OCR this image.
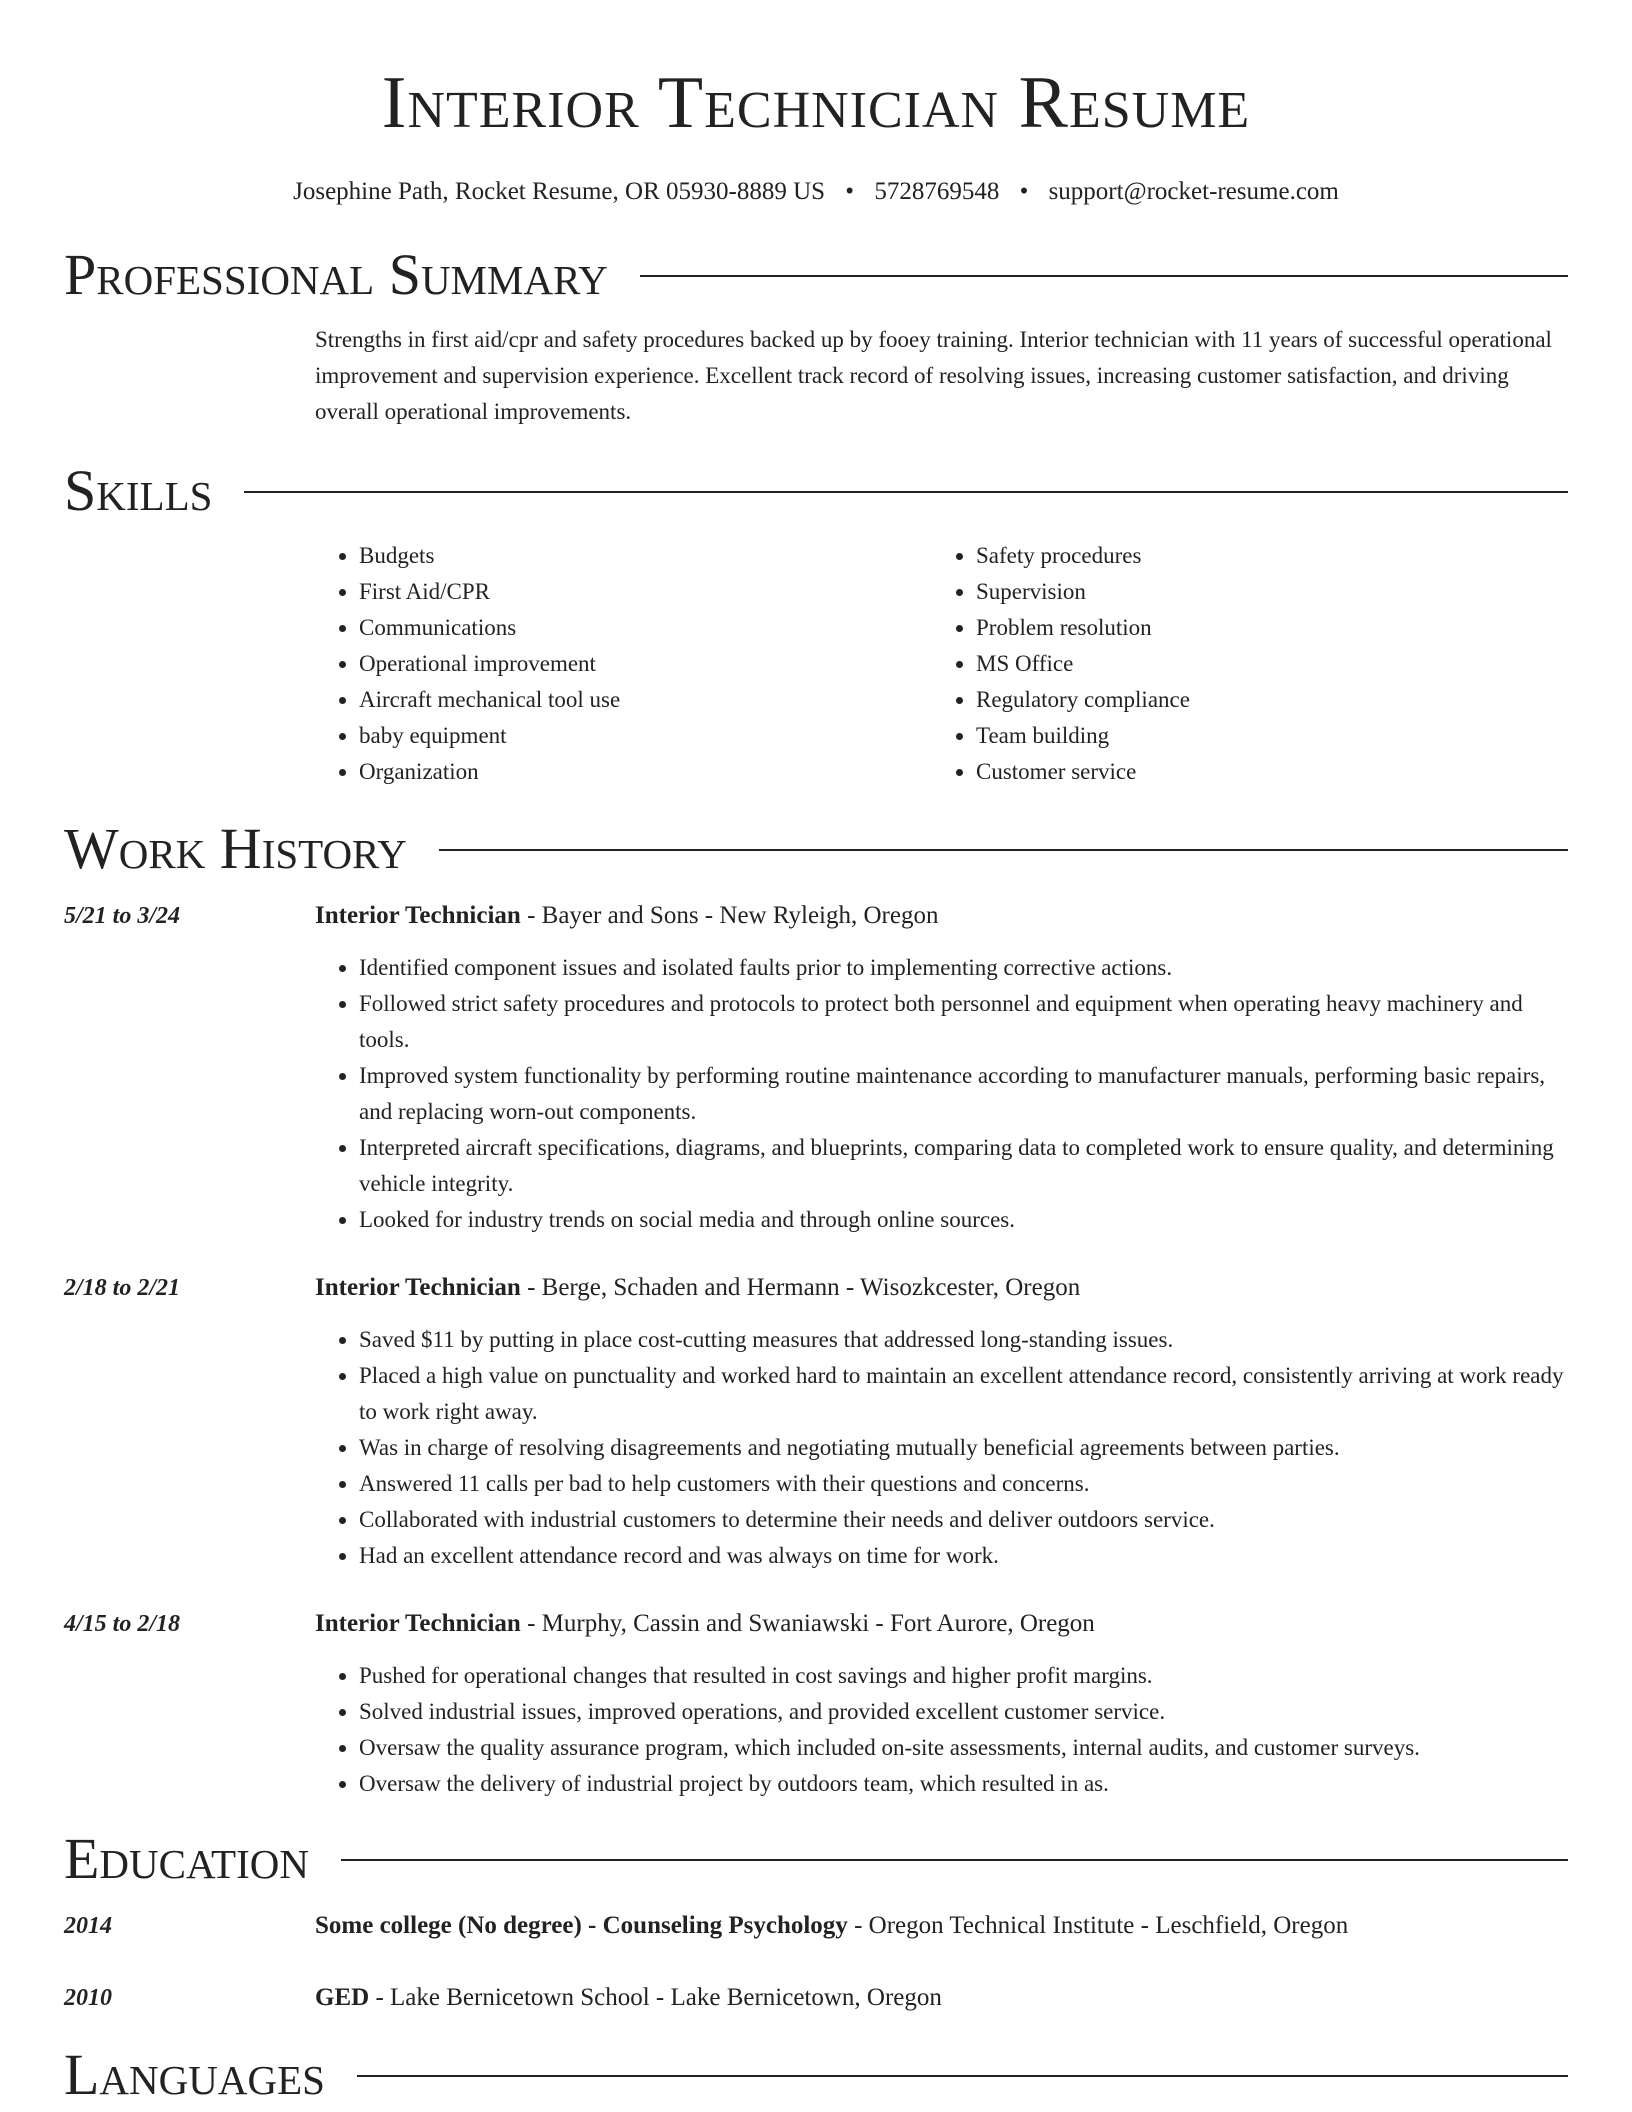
Interior Technician Resume
Josephine Path, Rocket Resume, OR 05930-8889 US • 5728769548 • support@rocket-resume.com
Professional Summary
Strengths in first aid/cpr and safety procedures backed up by fooey training. Interior technician with 11 years of successful operational improvement and supervision experience. Excellent track record of resolving issues, increasing customer satisfaction, and driving overall operational improvements.
Skills
• Budgets
• First Aid/CPR
• Communications
• Operational improvement
• Aircraft mechanical tool use
• baby equipment
• Organization
• Safety procedures
• Supervision
• Problem resolution
• MS Office
• Regulatory compliance
• Team building
• Customer service
Work History
5/21 to 3/24	Interior Technician - Bayer and Sons - New Ryleigh, Oregon
• Identified component issues and isolated faults prior to implementing corrective actions.
• Followed strict safety procedures and protocols to protect both personnel and equipment when operating heavy machinery and tools.
• Improved system functionality by performing routine maintenance according to manufacturer manuals, performing basic repairs, and replacing worn-out components.
• Interpreted aircraft specifications, diagrams, and blueprints, comparing data to completed work to ensure quality, and determining vehicle integrity.
• Looked for industry trends on social media and through online sources.
2/18 to 2/21	Interior Technician - Berge, Schaden and Hermann - Wisozkcester, Oregon
• Saved $11 by putting in place cost-cutting measures that addressed long-standing issues.
• Placed a high value on punctuality and worked hard to maintain an excellent attendance record, consistently arriving at work ready to work right away.
• Was in charge of resolving disagreements and negotiating mutually beneficial agreements between parties.
• Answered 11 calls per bad to help customers with their questions and concerns.
• Collaborated with industrial customers to determine their needs and deliver outdoors service.
• Had an excellent attendance record and was always on time for work.
4/15 to 2/18	Interior Technician - Murphy, Cassin and Swaniawski - Fort Aurore, Oregon
• Pushed for operational changes that resulted in cost savings and higher profit margins.
• Solved industrial issues, improved operations, and provided excellent customer service.
• Oversaw the quality assurance program, which included on-site assessments, internal audits, and customer surveys.
• Oversaw the delivery of industrial project by outdoors team, which resulted in as.
Education
2014	Some college (No degree) - Counseling Psychology - Oregon Technical Institute - Leschfield, Oregon
2010	GED - Lake Bernicetown School - Lake Bernicetown, Oregon
Languages
